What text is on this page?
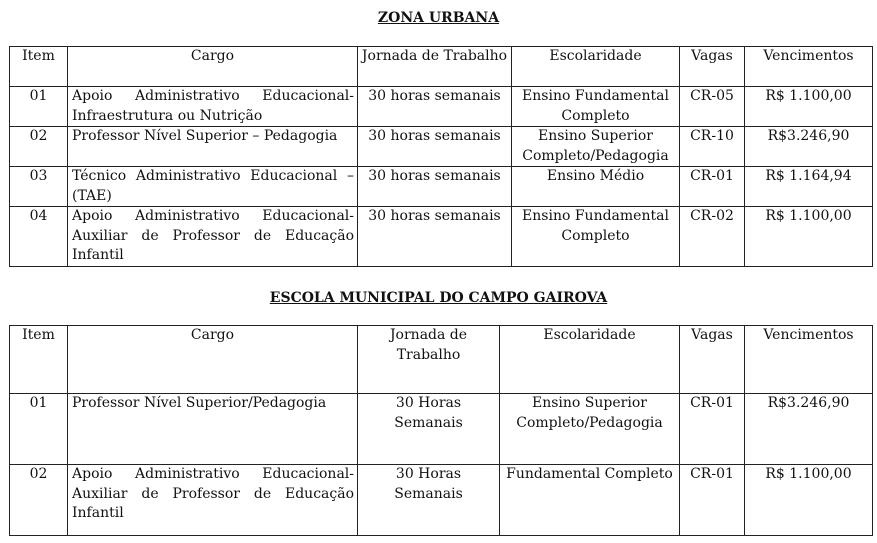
ZONA URBANA
Item	Cargo	Jornada de Trabalho	Escolaridade	Vagas	Vencimentos
01	Apoio Administrativo Educacional-Infraestrutura ou Nutrição	30 horas semanais	Ensino Fundamental Completo	CR-05	R$ 1.100,00
02	Professor Nível Superior – Pedagogia	30 horas semanais	Ensino Superior Completo/Pedagogia	CR-10	R$3.246,90
03	Técnico Administrativo Educacional – (TAE)	30 horas semanais	Ensino Médio	CR-01	R$ 1.164,94
04	Apoio Administrativo Educacional-Auxiliar de Professor de Educação Infantil	30 horas semanais	Ensino Fundamental Completo	CR-02	R$ 1.100,00
ESCOLA MUNICIPAL DO CAMPO GAIROVA
Item	Cargo	Jornada de Trabalho	Escolaridade	Vagas	Vencimentos
01	Professor Nível Superior/Pedagogia	30 Horas Semanais	Ensino Superior Completo/Pedagogia	CR-01	R$3.246,90
02	Apoio Administrativo Educacional-Auxiliar de Professor de Educação Infantil	30 Horas Semanais	Fundamental Completo	CR-01	R$ 1.100,00
